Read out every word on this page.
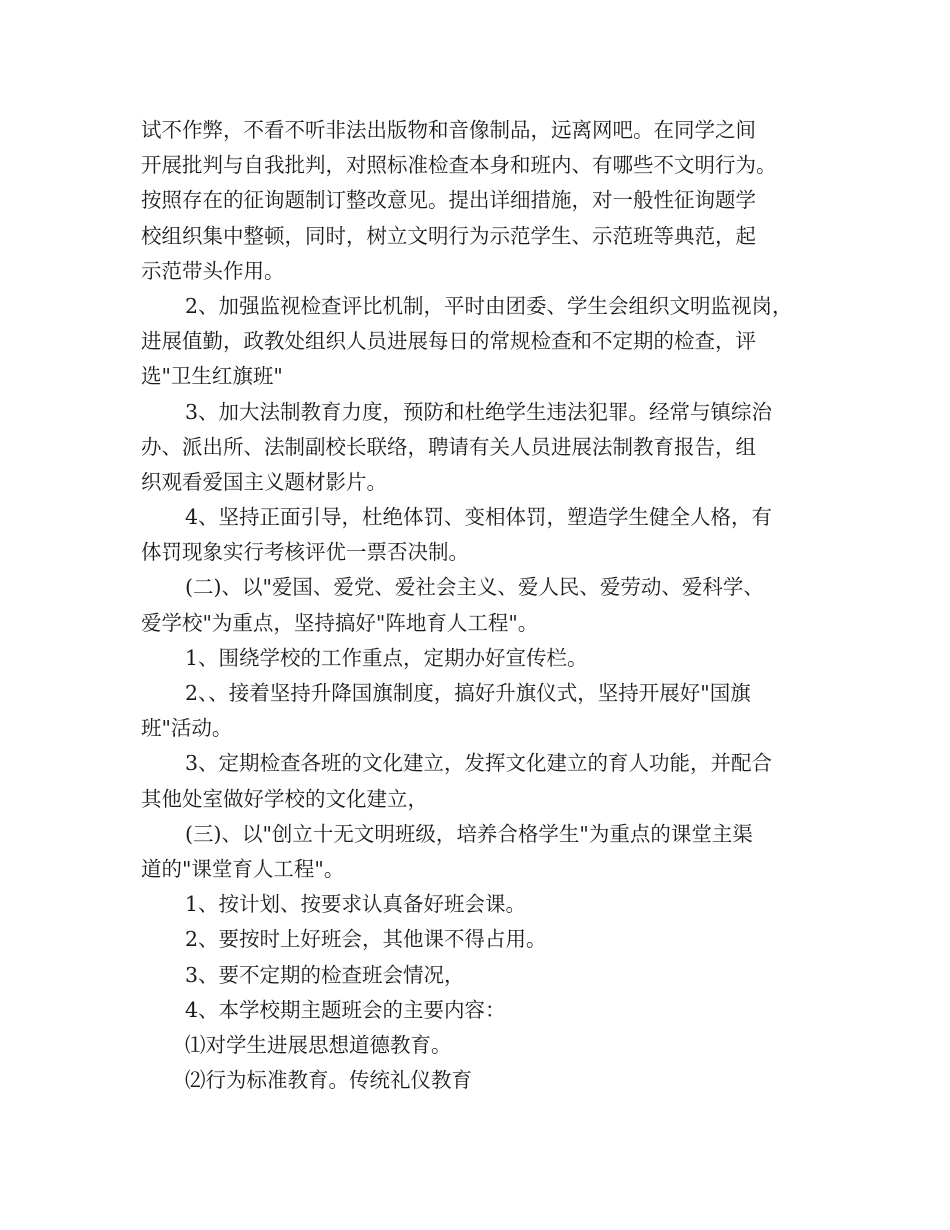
试不作弊，不看不听非法出版物和音像制品，远离网吧。在同学之间
开展批判与自我批判，对照标准检查本身和班内、有哪些不文明行为。
按照存在的征询题制订整改意见。提出详细措施，对一般性征询题学
校组织集中整顿，同时，树立文明行为示范学生、示范班等典范，起
示范带头作用。
2、加强监视检查评比机制，平时由团委、学生会组织文明监视岗，
进展值勤，政教处组织人员进展每日的常规检查和不定期的检查，评
选"卫生红旗班"
3、加大法制教育力度，预防和杜绝学生违法犯罪。经常与镇综治
办、派出所、法制副校长联络，聘请有关人员进展法制教育报告，组
织观看爱国主义题材影片。
4、坚持正面引导，杜绝体罚、变相体罚，塑造学生健全人格，有
体罚现象实行考核评优一票否决制。
(二)、以"爱国、爱党、爱社会主义、爱人民、爱劳动、爱科学、
爱学校"为重点，坚持搞好"阵地育人工程"。
1、围绕学校的工作重点，定期办好宣传栏。
2、、接着坚持升降国旗制度，搞好升旗仪式，坚持开展好"国旗
班"活动。
3、定期检查各班的文化建立，发挥文化建立的育人功能，并配合
其他处室做好学校的文化建立，
(三)、以"创立十无文明班级，培养合格学生"为重点的课堂主渠
道的"课堂育人工程"。
1、按计划、按要求认真备好班会课。
2、要按时上好班会，其他课不得占用。
3、要不定期的检查班会情况，
4、本学校期主题班会的主要内容：
⑴对学生进展思想道德教育。
⑵行为标准教育。传统礼仪教育
